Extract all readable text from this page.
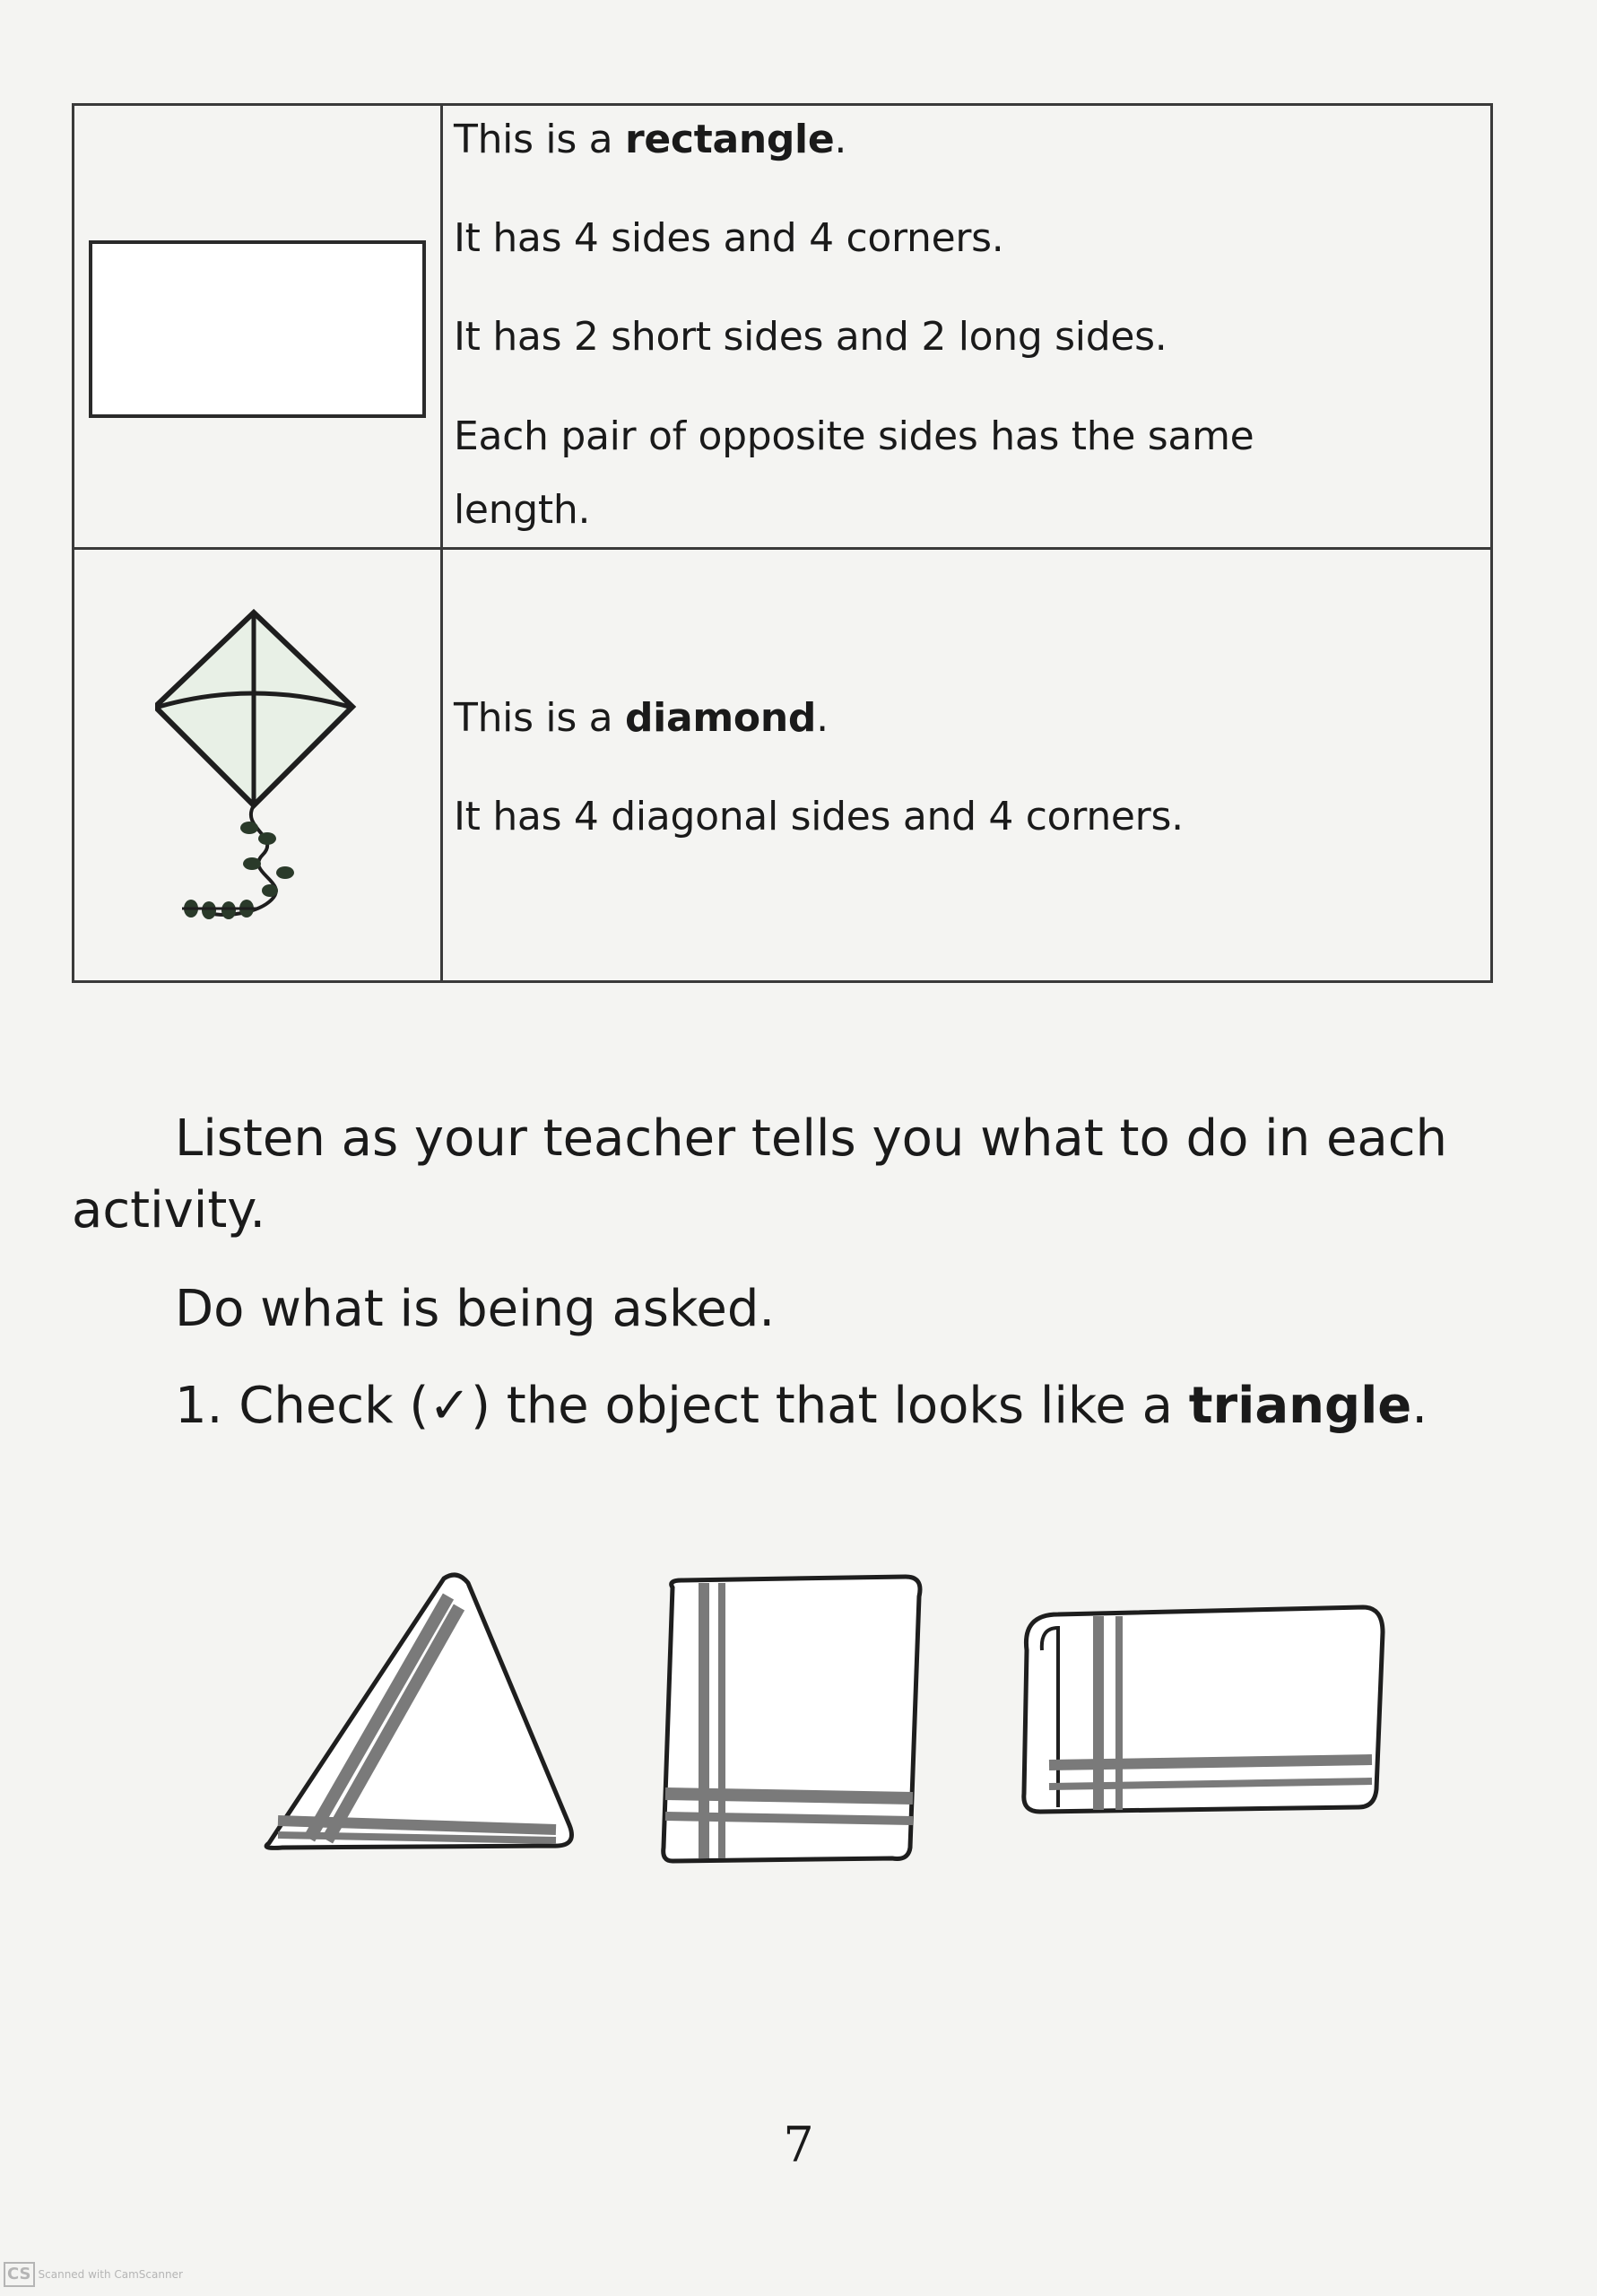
	This is a rectangle.

It has 4 sides and 4 corners.

It has 2 short sides and 2 long sides.

Each pair of opposite sides has the same length.

This is a diamond.

It has 4 diagonal sides and 4 corners.

Listen as your teacher tells you what to do in each activity.

Do what is being asked.

1. Check (✓) the object that looks like a triangle.

7
CS Scanned with CamScanner
